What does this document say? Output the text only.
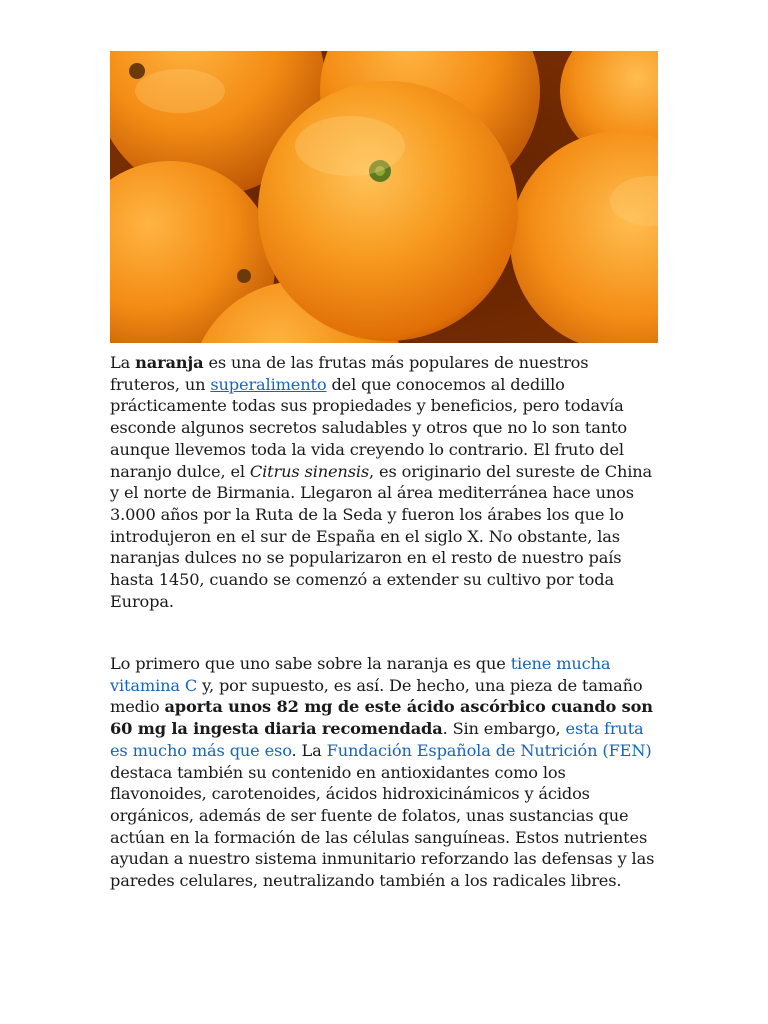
La naranja es una de las frutas más populares de nuestros fruteros, un superalimento del que conocemos al dedillo prácticamente todas sus propiedades y beneficios, pero todavía esconde algunos secretos saludables y otros que no lo son tanto aunque llevemos toda la vida creyendo lo contrario. El fruto del naranjo dulce, el Citrus sinensis, es originario del sureste de China y el norte de Birmania. Llegaron al área mediterránea hace unos 3.000 años por la Ruta de la Seda y fueron los árabes los que lo introdujeron en el sur de España en el siglo X. No obstante, las naranjas dulces no se popularizaron en el resto de nuestro país hasta 1450, cuando se comenzó a extender su cultivo por toda Europa.

Lo primero que uno sabe sobre la naranja es que tiene mucha vitamina C y, por supuesto, es así. De hecho, una pieza de tamaño medio aporta unos 82 mg de este ácido ascórbico cuando son 60 mg la ingesta diaria recomendada. Sin embargo, esta fruta es mucho más que eso. La Fundación Española de Nutrición (FEN) destaca también su contenido en antioxidantes como los flavonoides, carotenoides, ácidos hidroxicinámicos y ácidos orgánicos, además de ser fuente de folatos, unas sustancias que actúan en la formación de las células sanguíneas. Estos nutrientes ayudan a nuestro sistema inmunitario reforzando las defensas y las paredes celulares, neutralizando también a los radicales libres.
